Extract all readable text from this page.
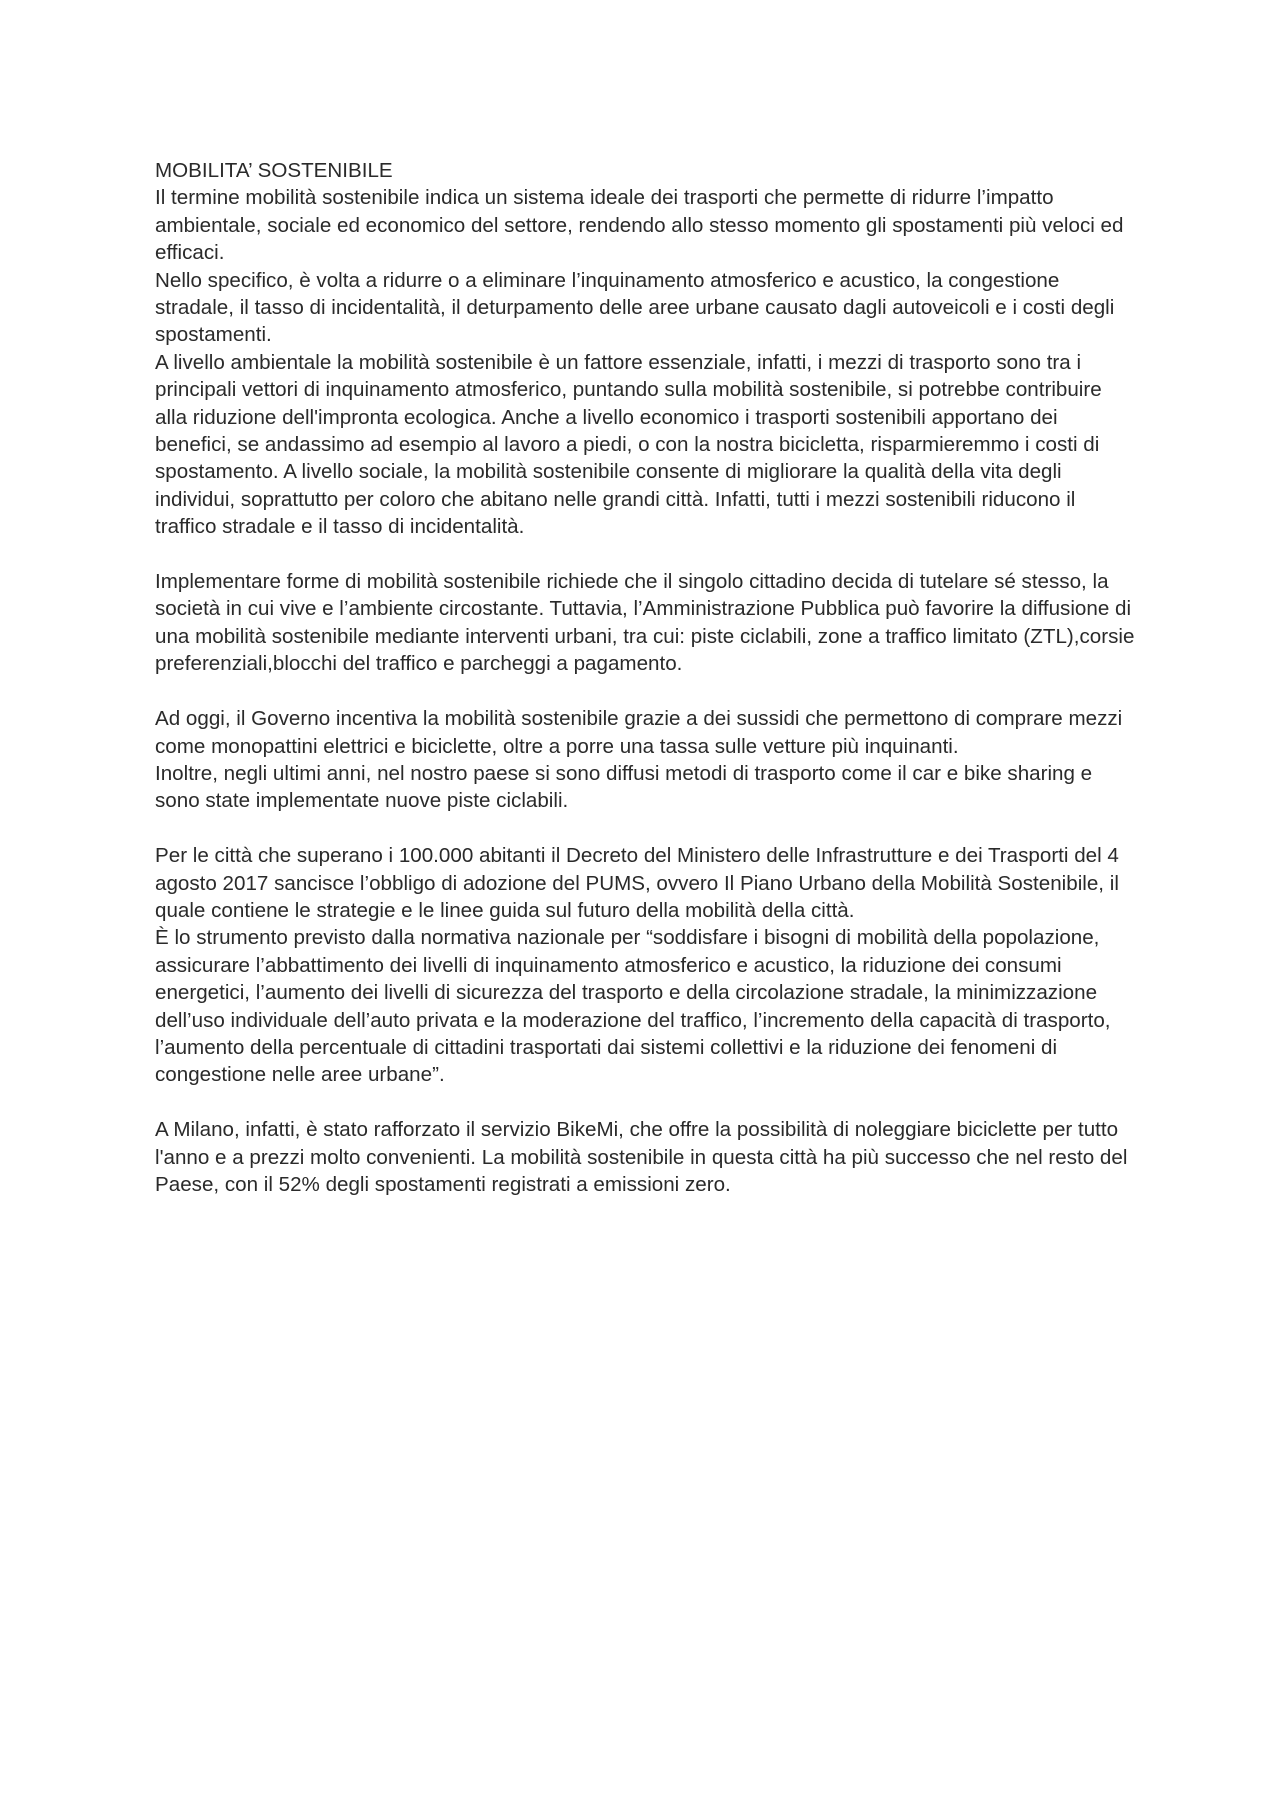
MOBILITA’ SOSTENIBILE

Il termine mobilità sostenibile indica un sistema ideale dei trasporti che permette di ridurre l’impatto ambientale, sociale ed economico del settore, rendendo allo stesso momento gli spostamenti più veloci ed efficaci.

Nello specifico, è volta a ridurre o a eliminare l’inquinamento atmosferico e acustico, la congestione stradale, il tasso di incidentalità, il deturpamento delle aree urbane causato dagli autoveicoli e i costi degli spostamenti.

A livello ambientale la mobilità sostenibile è un fattore essenziale, infatti, i mezzi di trasporto sono tra i principali vettori di inquinamento atmosferico, puntando sulla mobilità sostenibile, si potrebbe contribuire alla riduzione dell'impronta ecologica. Anche a livello economico i trasporti sostenibili apportano dei benefici, se andassimo ad esempio al lavoro a piedi, o con la nostra bicicletta, risparmieremmo i costi di spostamento. A livello sociale, la mobilità sostenibile consente di migliorare la qualità della vita degli individui, soprattutto per coloro che abitano nelle grandi città. Infatti, tutti i mezzi sostenibili riducono il traffico stradale e il tasso di incidentalità.

Implementare forme di mobilità sostenibile richiede che il singolo cittadino decida di tutelare sé stesso, la società in cui vive e l’ambiente circostante. Tuttavia, l’Amministrazione Pubblica può favorire la diffusione di una mobilità sostenibile mediante interventi urbani, tra cui: piste ciclabili, zone a traffico limitato (ZTL),corsie preferenziali,blocchi del traffico e parcheggi a pagamento.

Ad oggi, il Governo incentiva la mobilità sostenibile grazie a dei sussidi che permettono di comprare mezzi come monopattini elettrici e biciclette, oltre a porre una tassa sulle vetture più inquinanti.

Inoltre, negli ultimi anni, nel nostro paese si sono diffusi metodi di trasporto come il car e bike sharing e sono state implementate nuove piste ciclabili.

Per le città che superano i 100.000 abitanti il Decreto del Ministero delle Infrastrutture e dei Trasporti del 4 agosto 2017 sancisce l’obbligo di adozione del PUMS, ovvero Il Piano Urbano della Mobilità Sostenibile, il quale contiene le strategie e le linee guida sul futuro della mobilità della città.

È lo strumento previsto dalla normativa nazionale per “soddisfare i bisogni di mobilità della popolazione, assicurare l’abbattimento dei livelli di inquinamento atmosferico e acustico, la riduzione dei consumi energetici, l’aumento dei livelli di sicurezza del trasporto e della circolazione stradale, la minimizzazione dell’uso individuale dell’auto privata e la moderazione del traffico, l’incremento della capacità di trasporto, l’aumento della percentuale di cittadini trasportati dai sistemi collettivi e la riduzione dei fenomeni di congestione nelle aree urbane”.

A Milano, infatti, è stato rafforzato il servizio BikeMi, che offre la possibilità di noleggiare biciclette per tutto l'anno e a prezzi molto convenienti. La mobilità sostenibile in questa città ha più successo che nel resto del Paese, con il 52% degli spostamenti registrati a emissioni zero.
